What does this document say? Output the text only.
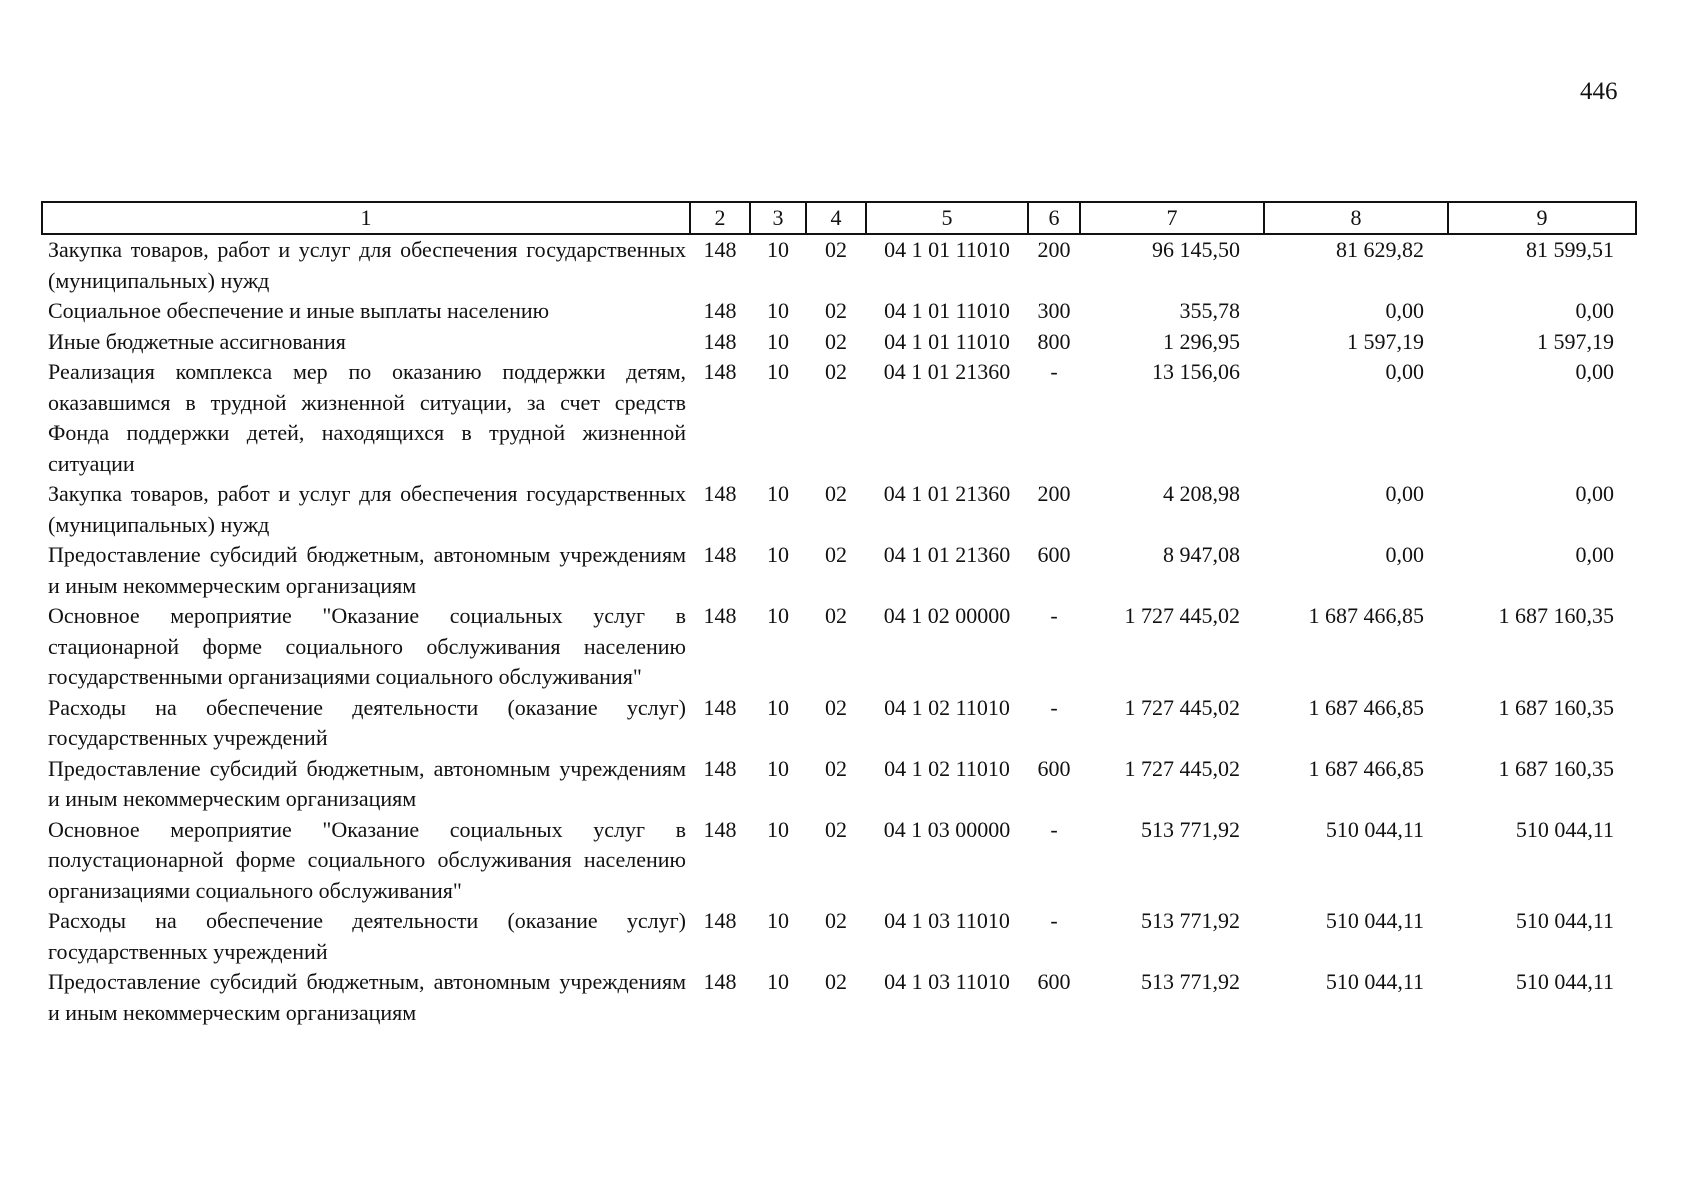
446
1	2	3	4	5	6	7	8	9
Закупка товаров, работ и услуг для обеспечения государственных (муниципальных) нужд	148	10	02	04 1 01 11010	200	96 145,50	81 629,82	81 599,51
Социальное обеспечение и иные выплаты населению	148	10	02	04 1 01 11010	300	355,78	0,00	0,00
Иные бюджетные ассигнования	148	10	02	04 1 01 11010	800	1 296,95	1 597,19	1 597,19
Реализация комплекса мер по оказанию поддержки детям, оказавшимся в трудной жизненной ситуации, за счет средств Фонда поддержки детей, находящихся в трудной жизненной ситуации	148	10	02	04 1 01 21360	-	13 156,06	0,00	0,00
Закупка товаров, работ и услуг для обеспечения государственных (муниципальных) нужд	148	10	02	04 1 01 21360	200	4 208,98	0,00	0,00
Предоставление субсидий бюджетным, автономным учреждениям и иным некоммерческим организациям	148	10	02	04 1 01 21360	600	8 947,08	0,00	0,00
Основное мероприятие "Оказание социальных услуг в стационарной форме социального обслуживания населению государственными организациями социального обслуживания"	148	10	02	04 1 02 00000	-	1 727 445,02	1 687 466,85	1 687 160,35
Расходы на обеспечение деятельности (оказание услуг) государственных учреждений	148	10	02	04 1 02 11010	-	1 727 445,02	1 687 466,85	1 687 160,35
Предоставление субсидий бюджетным, автономным учреждениям и иным некоммерческим организациям	148	10	02	04 1 02 11010	600	1 727 445,02	1 687 466,85	1 687 160,35
Основное мероприятие "Оказание социальных услуг в полустационарной форме социального обслуживания населению организациями социального обслуживания"	148	10	02	04 1 03 00000	-	513 771,92	510 044,11	510 044,11
Расходы на обеспечение деятельности (оказание услуг) государственных учреждений	148	10	02	04 1 03 11010	-	513 771,92	510 044,11	510 044,11
Предоставление субсидий бюджетным, автономным учреждениям и иным некоммерческим организациям	148	10	02	04 1 03 11010	600	513 771,92	510 044,11	510 044,11
